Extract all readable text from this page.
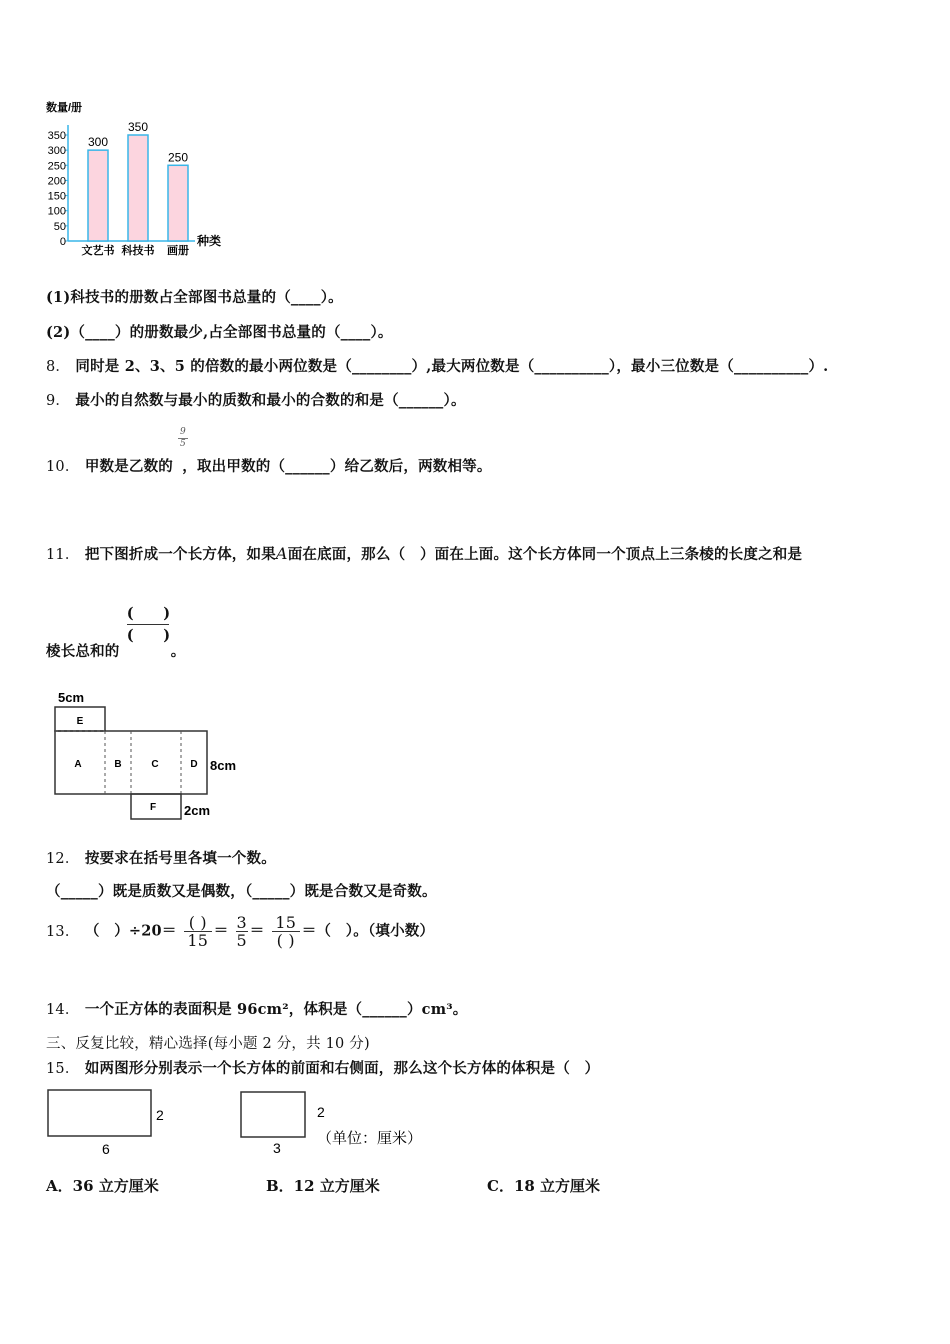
数量/册
0
50
100
150
200
250
300
350 300
文艺书
350
科技书
250
画册
种类
(1)科技书的册数占全部图书总量的（____）。
(2)（____）的册数最少,占全部图书总量的（____）。
8． 同时是 2、3、5 的倍数的最小两位数是（________）,最大两位数是（__________），最小三位数是（__________）.
9． 最小的自然数与最小的质数和最小的合数的和是（______）。
10． 甲数是乙数的
$\frac{9}{5}$
，取出甲数的（______）给乙数后，两数相等。
11． 把下图折成一个长方体，如果A面在底面，那么（　）面在上面。这个长方体同一个顶点上三条棱的长度之和是
棱长总和的
$\frac{( )}{( )}$
。
5cm
E
A	B	C	D
F
8cm
2cm
12． 按要求在括号里各填一个数。
（_____）既是质数又是偶数，（_____）既是合数又是奇数。
13． （　）$\div 20= \frac{( )}{15} = \frac{3}{5} = \frac{15}{( )}$ ＝（　）。（填小数）
14． 一个正方体的表面积是 96cm²，体积是（______）cm³。
三、反复比较，精心选择(每小题 2 分，共 10 分)
15． 如两图形分别表示一个长方体的前面和右侧面，那么这个长方体的体积是（　）
2
6
2
3
（单位：厘米）
A．36 立方厘米	B．12 立方厘米	C．18 立方厘米
